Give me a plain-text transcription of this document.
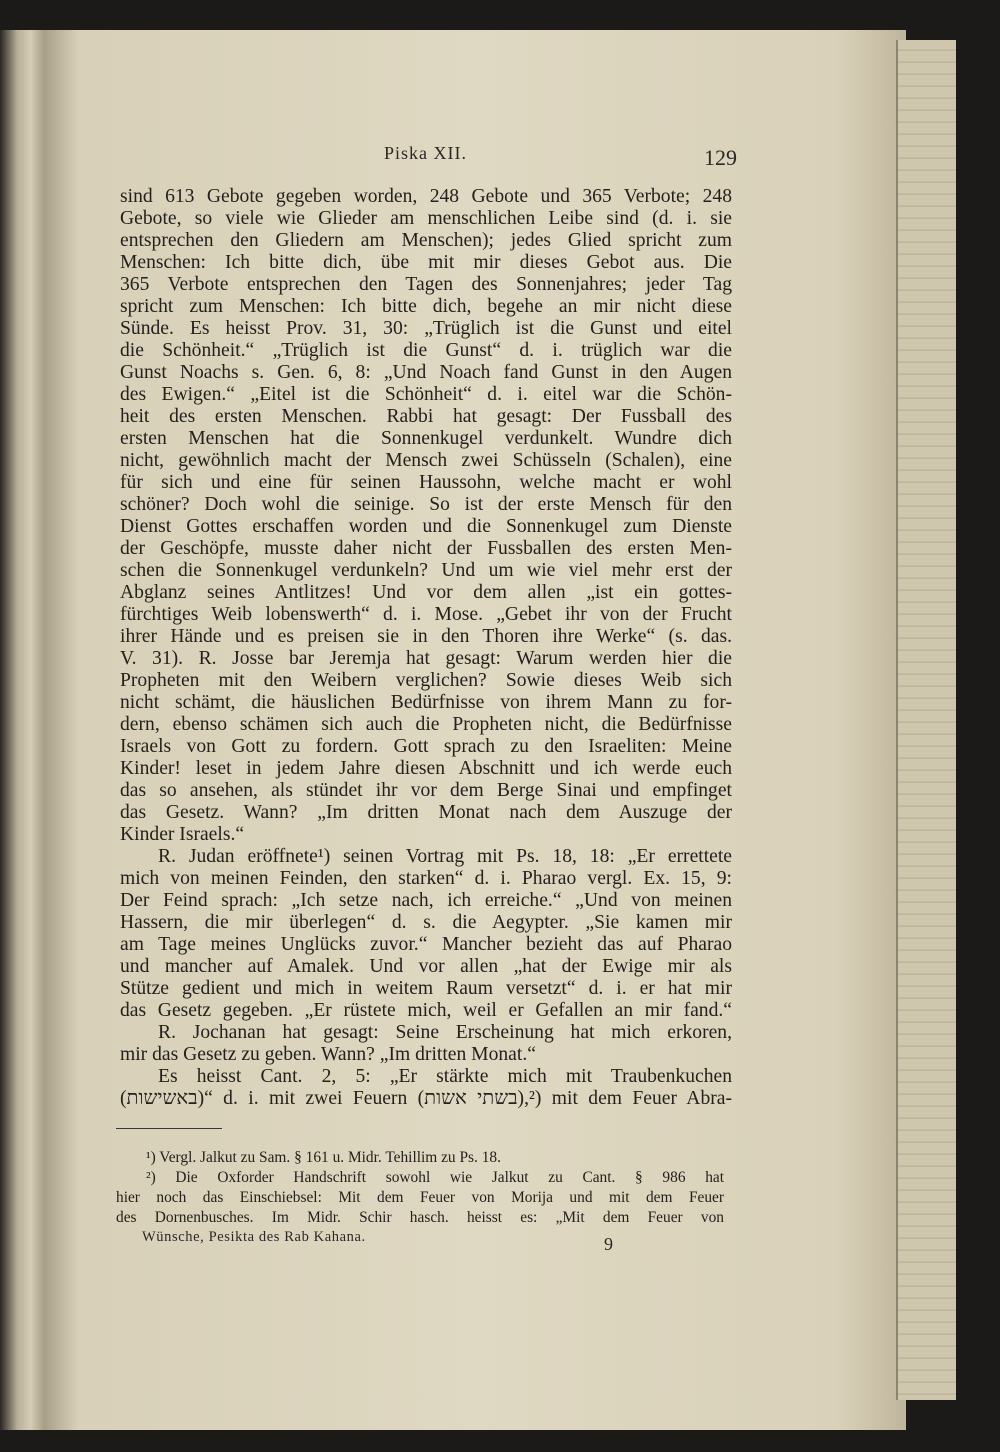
Piska XII.	129
sind 613 Gebote gegeben worden, 248 Gebote und 365 Verbote; 248
Gebote, so viele wie Glieder am menschlichen Leibe sind (d. i. sie
entsprechen den Gliedern am Menschen); jedes Glied spricht zum
Menschen: Ich bitte dich, übe mit mir dieses Gebot aus. Die
365 Verbote entsprechen den Tagen des Sonnenjahres; jeder Tag
spricht zum Menschen: Ich bitte dich, begehe an mir nicht diese
Sünde. Es heisst Prov. 31, 30: „Trüglich ist die Gunst und eitel
die Schönheit.“ „Trüglich ist die Gunst“ d. i. trüglich war die
Gunst Noachs s. Gen. 6, 8: „Und Noach fand Gunst in den Augen
des Ewigen.“ „Eitel ist die Schönheit“ d. i. eitel war die Schön-
heit des ersten Menschen. Rabbi hat gesagt: Der Fussball des
ersten Menschen hat die Sonnenkugel verdunkelt. Wundre dich
nicht, gewöhnlich macht der Mensch zwei Schüsseln (Schalen), eine
für sich und eine für seinen Haussohn, welche macht er wohl
schöner? Doch wohl die seinige. So ist der erste Mensch für den
Dienst Gottes erschaffen worden und die Sonnenkugel zum Dienste
der Geschöpfe, musste daher nicht der Fussballen des ersten Men-
schen die Sonnenkugel verdunkeln? Und um wie viel mehr erst der
Abglanz seines Antlitzes! Und vor dem allen „ist ein gottes-
fürchtiges Weib lobenswerth“ d. i. Mose. „Gebet ihr von der Frucht
ihrer Hände und es preisen sie in den Thoren ihre Werke“ (s. das.
V. 31). R. Josse bar Jeremja hat gesagt: Warum werden hier die
Propheten mit den Weibern verglichen? Sowie dieses Weib sich
nicht schämt, die häuslichen Bedürfnisse von ihrem Mann zu for-
dern, ebenso schämen sich auch die Propheten nicht, die Bedürfnisse
Israels von Gott zu fordern. Gott sprach zu den Israeliten: Meine
Kinder! leset in jedem Jahre diesen Abschnitt und ich werde euch
das so ansehen, als stündet ihr vor dem Berge Sinai und empfinget
das Gesetz. Wann? „Im dritten Monat nach dem Auszuge der
Kinder Israels.“
R. Judan eröffnete¹) seinen Vortrag mit Ps. 18, 18: „Er errettete
mich von meinen Feinden, den starken“ d. i. Pharao vergl. Ex. 15, 9:
Der Feind sprach: „Ich setze nach, ich erreiche.“ „Und von meinen
Hassern, die mir überlegen“ d. s. die Aegypter. „Sie kamen mir
am Tage meines Unglücks zuvor.“ Mancher bezieht das auf Pharao
und mancher auf Amalek. Und vor allen „hat der Ewige mir als
Stütze gedient und mich in weitem Raum versetzt“ d. i. er hat mir
das Gesetz gegeben. „Er rüstete mich, weil er Gefallen an mir fand.“
R. Jochanan hat gesagt: Seine Erscheinung hat mich erkoren,
mir das Gesetz zu geben. Wann? „Im dritten Monat.“
Es heisst Cant. 2, 5: „Er stärkte mich mit Traubenkuchen
(באשישות)“ d. i. mit zwei Feuern (בשתי אשות),²) mit dem Feuer Abra-
¹) Vergl. Jalkut zu Sam. § 161 u. Midr. Tehillim zu Ps. 18.
²) Die Oxforder Handschrift sowohl wie Jalkut zu Cant. § 986 hat
hier noch das Einschiebsel: Mit dem Feuer von Morija und mit dem Feuer
des Dornenbusches. Im Midr. Schir hasch. heisst es: „Mit dem Feuer von
Wünsche, Pesikta des Rab Kahana.	9
